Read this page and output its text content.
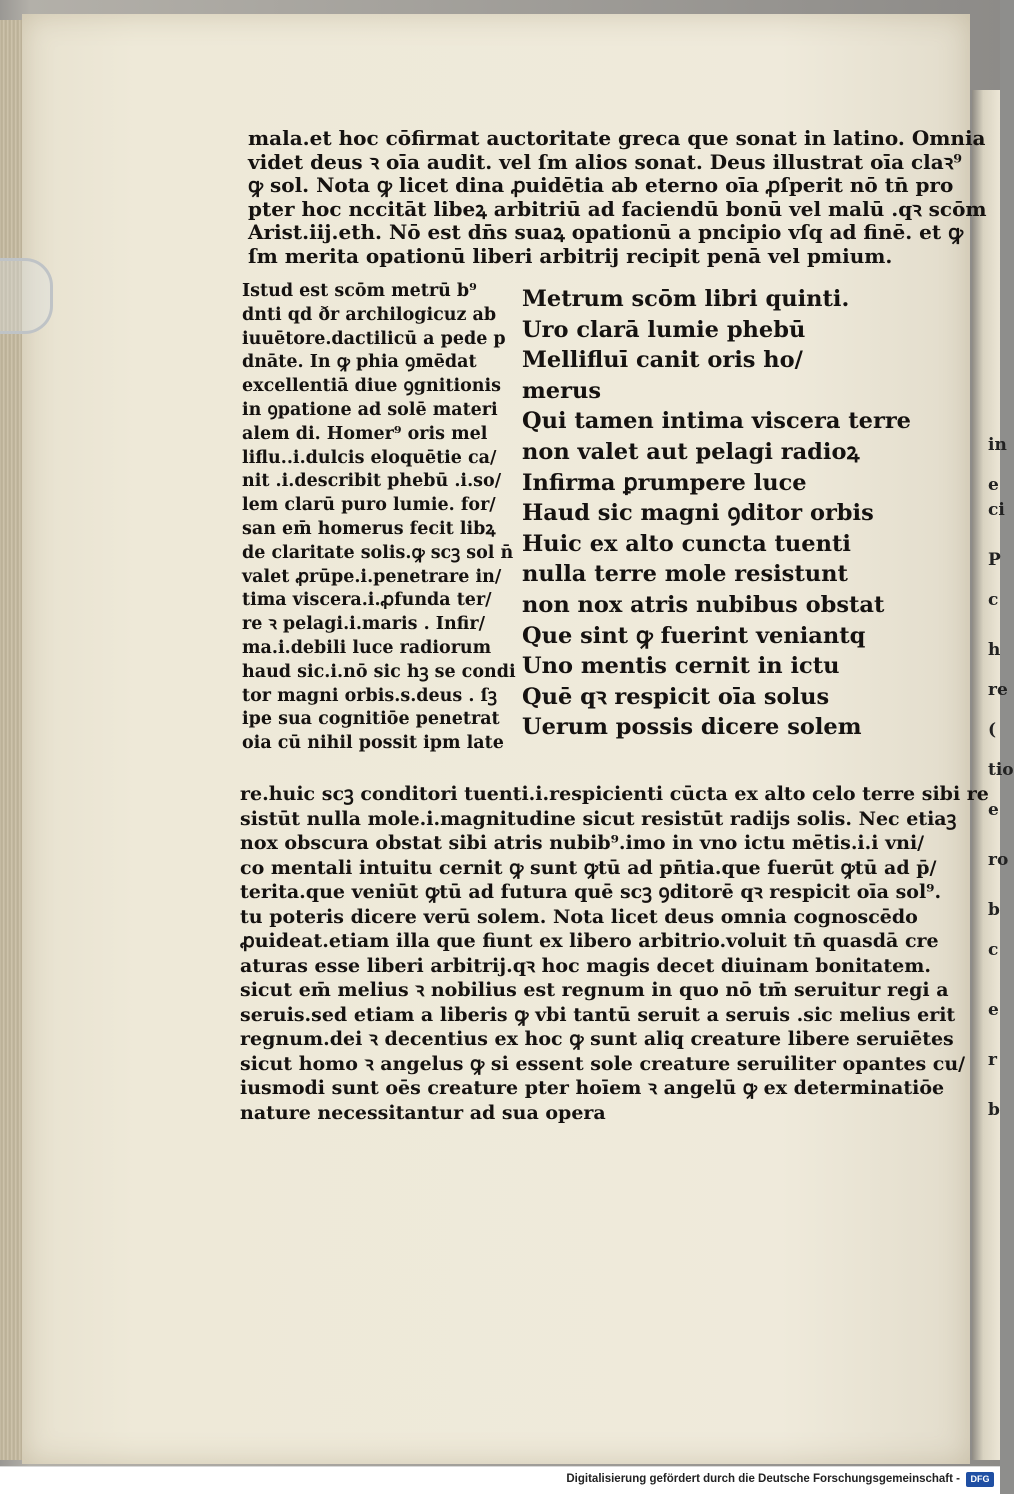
in
e
ci
P
c
h
re
(
tio
e
ro
b
c
e
r
b
mala.et hoc cōfirmat auctoritate greca que sonat in latino. Omnia
videt deus ꝛ oīa audit. vel ſm alios sonat. Deus illustrat oīa claꝛ⁹
ꝙ sol. Nota ꝙ licet dina ꝓuidētia ab eterno oīa ꝓſperit nō tn̄ pro
pter hoc nccitāt libeꝝ arbitriū ad faciendū bonū vel malū .qꝛ scōm
Arist.iij.eth. Nō est dn̄s suaꝝ opationū a pncipio vſq ad finē. et ꝙ
ſm merita opationū liberi arbitrij recipit penā vel pmium.
Istud est scōm metrū b⁹
dnti qd ðr archilogicuz ab
iuuētore.dactilicū a pede p
dnāte. In ꝙ phia ꝯmēdat
excellentiā diue ꝯgnitionis
in ꝯpatione ad solē materi
alem di. Homer⁹ oris mel
liflu..i.dulcis eloquētie ca/
nit .i.describit phebū .i.so/
lem clarū puro lumie. for/
san em̄ homerus fecit libꝝ
de claritate solis.ꝙ scꝫ sol n̄
valet ꝓrūpe.i.penetrare in/
tima viscera.i.ꝓfunda ter/
re ꝛ pelagi.i.maris . Infir/
ma.i.debili luce radiorum
haud sic.i.nō sic hꝫ se condi
tor magni orbis.s.deus . ſꝫ
ipe sua cognitiōe penetrat
oia cū nihil possit ipm late
Metrum scōm libri quinti.
Uro clarā lumie phebū
Mellifluī canit oris ho/
merus
Qui tamen intima viscera terre
non valet aut pelagi radioꝝ
Infirma ꝑrumpere luce
Haud sic magni ꝯditor orbis
Huic ex alto cuncta tuenti
nulla terre mole resistunt
non nox atris nubibus obstat
Que sint ꝙ fuerint veniantq
Uno mentis cernit in ictu
Quē qꝛ respicit oīa solus
Uerum possis dicere solem
re.huic scꝫ conditori tuenti.i.respicienti cūcta ex alto celo terre sibi re
sistūt nulla mole.i.magnitudine sicut resistūt radijs solis. Nec etiaꝫ
nox obscura obstat sibi atris nubib⁹.imo in vno ictu mētis.i.i vni/
co mentali intuitu cernit ꝙ sunt ꝙtū ad pn̄tia.que fuerūt ꝙtū ad p̄/
terita.que veniūt ꝙtū ad futura quē scꝫ ꝯditorē qꝛ respicit oīa sol⁹.
tu poteris dicere verū solem. Nota licet deus omnia cognoscēdo
ꝓuideat.etiam illa que fiunt ex libero arbitrio.voluit tn̄ quasdā cre
aturas esse liberi arbitrij.qꝛ hoc magis decet diuinam bonitatem.
sicut em̄ melius ꝛ nobilius est regnum in quo nō tm̄ seruitur regi a
seruis.sed etiam a liberis ꝙ vbi tantū seruit a seruis .sic melius erit
regnum.dei ꝛ decentius ex hoc ꝙ sunt aliq creature libere seruiētes
sicut homo ꝛ angelus ꝙ si essent sole creature seruiliter opantes cu/
iusmodi sunt oēs creature pter hoīem ꝛ angelū ꝙ ex determinatiōe
nature necessitantur ad sua opera
Digitalisierung gefördert durch die Deutsche Forschungsgemeinschaft -	DFG
